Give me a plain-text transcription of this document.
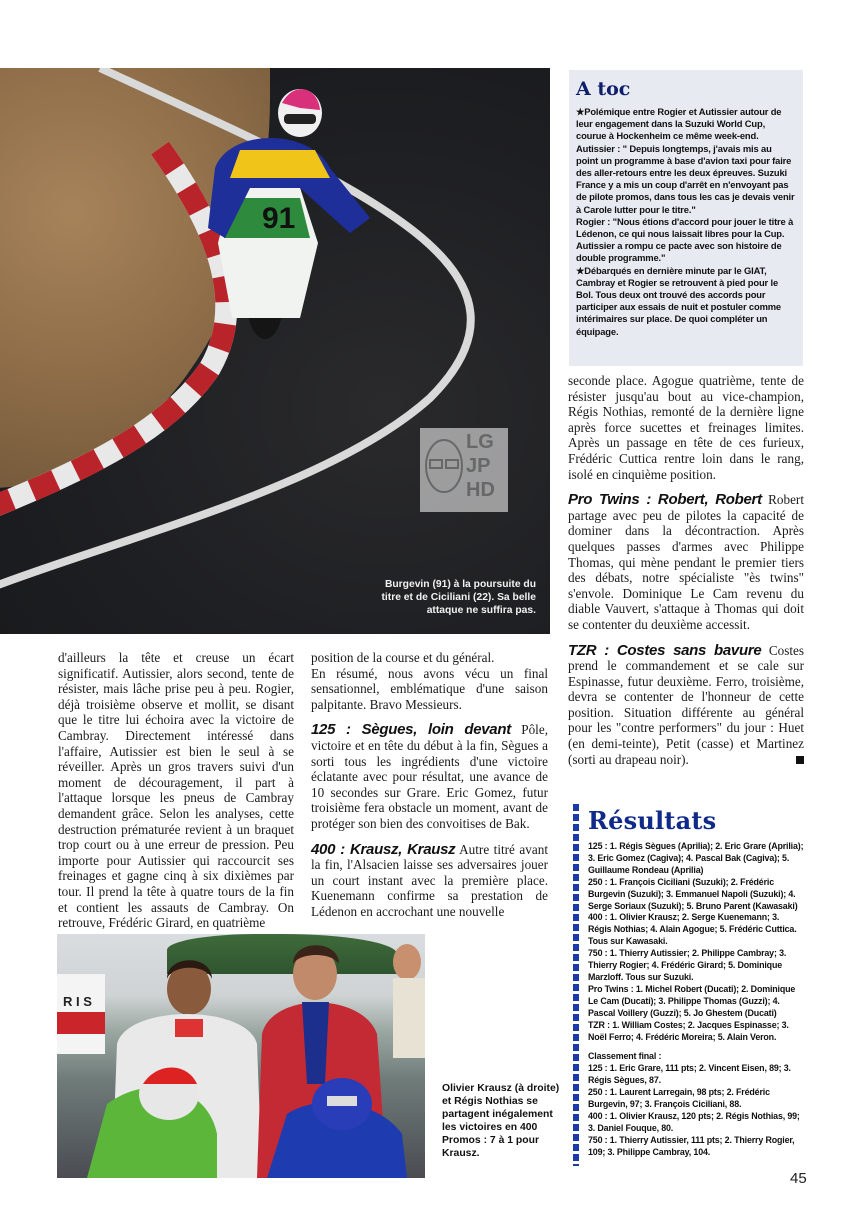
91
Burgevin (91) à la poursuite du titre et de Ciciliani (22). Sa belle attaque ne suffira pas.
LG JP HD
A toc

★Polémique entre Rogier et Autissier autour de leur engagement dans la Suzuki World Cup, courue à Hockenheim ce même week-end.

Autissier : " Depuis longtemps, j'avais mis au point un programme à base d'avion taxi pour faire des aller-retours entre les deux épreuves. Suzuki France y a mis un coup d'arrêt en n'envoyant pas de pilote promos, dans tous les cas je devais venir à Carole lutter pour le titre."

Rogier : "Nous étions d'accord pour jouer le titre à Lédenon, ce qui nous laissait libres pour la Cup. Autissier a rompu ce pacte avec son histoire de double programme."

★Débarqués en dernière minute par le GIAT, Cambray et Rogier se retrouvent à pied pour le Bol. Tous deux ont trouvé des accords pour participer aux essais de nuit et postuler comme intérimaires sur place. De quoi compléter un équipage.

d'ailleurs la tête et creuse un écart significatif. Autissier, alors second, tente de résister, mais lâche prise peu à peu. Rogier, déjà troisième observe et mollit, se disant que le titre lui échoira avec la victoire de Cambray. Directement intéressé dans l'affaire, Autissier est bien le seul à se réveiller. Après un gros travers suivi d'un moment de découragement, il part à l'attaque lorsque les pneus de Cambray demandent grâce. Selon les analyses, cette destruction prématurée revient à un braquet trop court ou à une erreur de pression. Peu importe pour Autissier qui raccourcit ses freinages et gagne cinq à six dixièmes par tour. Il prend la tête à quatre tours de la fin et contient les assauts de Cambray. On retrouve, Frédéric Girard, en quatrième

position de la course et du général.

En résumé, nous avons vécu un final sensationnel, emblématique d'une saison palpitante. Bravo Messieurs.

125 : Sègues, loin devant Pôle, victoire et en tête du début à la fin, Sègues a sorti tous les ingrédients d'une victoire éclatante avec pour résultat, une avance de 10 secondes sur Grare. Eric Gomez, futur troisième fera obstacle un moment, avant de protéger son bien des convoitises de Bak.

400 : Krausz, Krausz Autre titré avant la fin, l'Alsacien laisse ses adversaires jouer un court instant avec la première place. Kuenemann confirme sa prestation de Lédenon en accrochant une nouvelle

seconde place. Agogue quatrième, tente de résister jusqu'au bout au vice-champion, Régis Nothias, remonté de la dernière ligne après force sucettes et freinages limites. Après un passage en tête de ces furieux, Frédéric Cuttica rentre loin dans le rang, isolé en cinquième position.

Pro Twins : Robert, Robert Robert partage avec peu de pilotes la capacité de dominer dans la décontraction. Après quelques passes d'armes avec Philippe Thomas, qui mène pendant le premier tiers des débats, notre spécialiste "ès twins" s'envole. Dominique Le Cam revenu du diable Vauvert, s'attaque à Thomas qui doit se contenter du deuxième accessit.

TZR : Costes sans bavure Costes prend le commandement et se cale sur Espinasse, futur deuxième. Ferro, troisième, devra se contenter de l'honneur de cette position. Situation différente au général pour les "contre performers" du jour : Huet (en demi-teinte), Petit (casse) et Martinez (sorti au drapeau noir).

Résultats

125 : 1. Régis Sègues (Aprilia); 2. Eric Grare (Aprilia); 3. Eric Gomez (Cagiva); 4. Pascal Bak (Cagiva); 5. Guillaume Rondeau (Aprilia)

250 : 1. François Ciciliani (Suzuki); 2. Frédéric Burgevin (Suzuki); 3. Emmanuel Napoli (Suzuki); 4. Serge Soriaux (Suzuki); 5. Bruno Parent (Kawasaki)

400 : 1. Olivier Krausz; 2. Serge Kuenemann; 3. Régis Nothias; 4. Alain Agogue; 5. Frédéric Cuttica. Tous sur Kawasaki.

750 : 1. Thierry Autissier; 2. Philippe Cambray; 3. Thierry Rogier; 4. Frédéric Girard; 5. Dominique Marzloff. Tous sur Suzuki.

Pro Twins : 1. Michel Robert (Ducati); 2. Dominique Le Cam (Ducati); 3. Philippe Thomas (Guzzi); 4. Pascal Voillery (Guzzi); 5. Jo Ghestem (Ducati)

TZR : 1. William Costes; 2. Jacques Espinasse; 3. Noël Ferro; 4. Frédéric Moreira; 5. Alain Veron.

Classement final :

125 : 1. Eric Grare, 111 pts; 2. Vincent Eisen, 89; 3. Régis Sègues, 87.

250 : 1. Laurent Larregain, 98 pts; 2. Frédéric Burgevin, 97; 3. François Ciciliani, 88.

400 : 1. Olivier Krausz, 120 pts; 2. Régis Nothias, 99; 3. Daniel Fouque, 80.

750 : 1. Thierry Autissier, 111 pts; 2. Thierry Rogier, 109; 3. Philippe Cambray, 104.

R I S
Olivier Krausz (à droite) et Régis Nothias se partagent inégalement les victoires en 400 Promos : 7 à 1 pour Krausz.
45
